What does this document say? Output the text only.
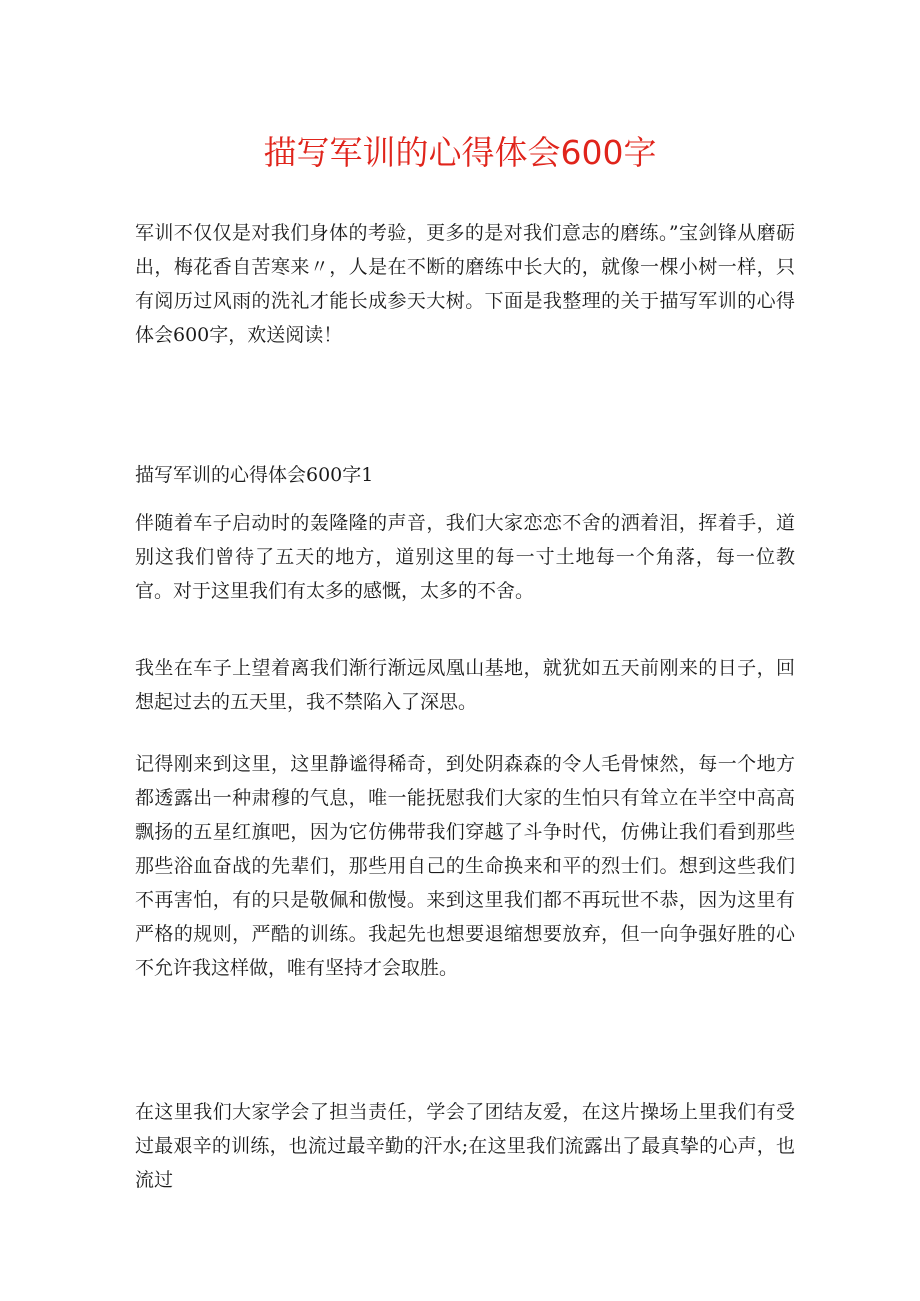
描写军训的心得体会600字

军训不仅仅是对我们身体的考验，更多的是对我们意志的磨练。”宝剑锋从磨砺出，梅花香自苦寒来〃，人是在不断的磨练中长大的，就像一棵小树一样，只有阅历过风雨的洗礼才能长成参天大树。下面是我整理的关于描写军训的心得体会600字，欢送阅读！

描写军训的心得体会600字1

伴随着车子启动时的轰隆隆的声音，我们大家恋恋不舍的洒着泪，挥着手，道别这我们曾待了五天的地方，道别这里的每一寸土地每一个角落，每一位教官。对于这里我们有太多的感慨，太多的不舍。

我坐在车子上望着离我们渐行渐远凤凰山基地，就犹如五天前刚来的日子，回想起过去的五天里，我不禁陷入了深思。

记得刚来到这里，这里静谧得稀奇，到处阴森森的令人毛骨悚然，每一个地方都透露出一种肃穆的气息，唯一能抚慰我们大家的生怕只有耸立在半空中高高飘扬的五星红旗吧，因为它仿佛带我们穿越了斗争时代，仿佛让我们看到那些那些浴血奋战的先辈们，那些用自己的生命换来和平的烈士们。想到这些我们不再害怕，有的只是敬佩和傲慢。来到这里我们都不再玩世不恭，因为这里有严格的规则，严酷的训练。我起先也想要退缩想要放弃，但一向争强好胜的心不允许我这样做，唯有坚持才会取胜。

在这里我们大家学会了担当责任，学会了团结友爱，在这片操场上里我们有受过最艰辛的训练，也流过最辛勤的汗水;在这里我们流露出了最真挚的心声，也流过
